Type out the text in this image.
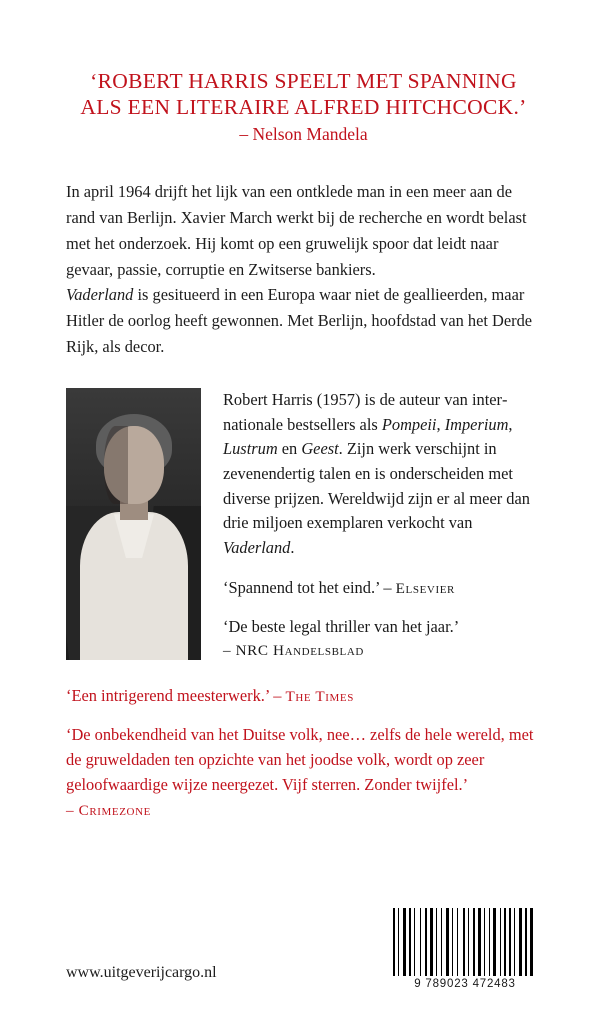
‘ROBERT HARRIS SPEELT MET SPANNING
ALS EEN LITERAIRE ALFRED HITCHCOCK.’
– Nelson Mandela
In april 1964 drijft het lijk van een ontklede man in een meer aan de rand van Berlijn. Xavier March werkt bij de recherche en wordt belast met het onderzoek. Hij komt op een gruwelijk spoor dat leidt naar gevaar, passie, corruptie en Zwitserse bankiers.
Vaderland is gesitueerd in een Europa waar niet de geallieerden, maar Hitler de oorlog heeft gewonnen. Met Berlijn, hoofdstad van het Derde Rijk, als decor.
Robert Harris (1957) is de auteur van internationale bestsellers als Pompeii, Imperium, Lustrum en Geest. Zijn werk verschijnt in zevenendertig talen en is onderscheiden met diverse prijzen. Wereldwijd zijn er al meer dan drie miljoen exemplaren verkocht van Vaderland.
‘Spannend tot het eind.’ – Elsevier
‘De beste legal thriller van het jaar.’
– NRC Handelsblad
‘Een intrigerend meesterwerk.’ – The Times
‘De onbekendheid van het Duitse volk, nee… zelfs de hele wereld, met de gruweldaden ten opzichte van het joodse volk, wordt op zeer geloofwaardige wijze neergezet. Vijf sterren. Zonder twijfel.’
– Crimezone
www.uitgeverijcargo.nl
9 789023 472483
